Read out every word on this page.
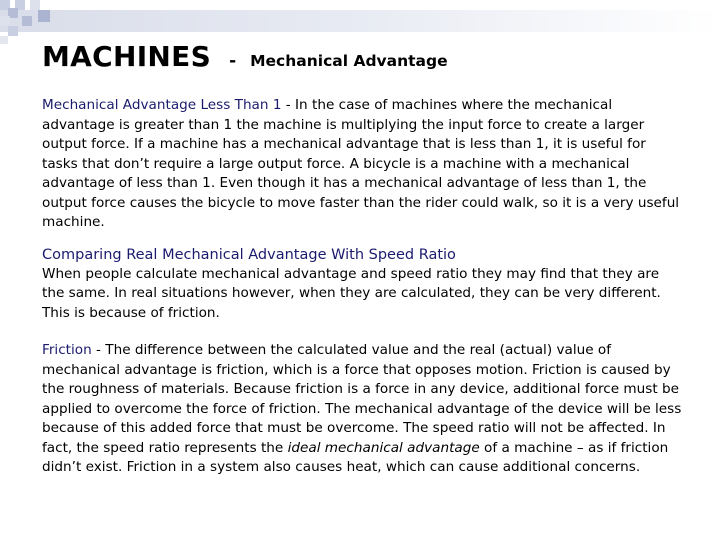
MACHINES - Mechanical Advantage

Mechanical Advantage Less Than 1 - In the case of machines where the mechanical advantage is greater than 1 the machine is multiplying the input force to create a larger output force. If a machine has a mechanical advantage that is less than 1, it is useful for tasks that don’t require a large output force. A bicycle is a machine with a mechanical advantage of less than 1. Even though it has a mechanical advantage of less than 1, the output force causes the bicycle to move faster than the rider could walk, so it is a very useful machine.

Comparing Real Mechanical Advantage With Speed Ratio

When people calculate mechanical advantage and speed ratio they may find that they are the same. In real situations however, when they are calculated, they can be very different. This is because of friction.

Friction - The difference between the calculated value and the real (actual) value of mechanical advantage is friction, which is a force that opposes motion. Friction is caused by the roughness of materials. Because friction is a force in any device, additional force must be applied to overcome the force of friction. The mechanical advantage of the device will be less because of this added force that must be overcome. The speed ratio will not be affected. In fact, the speed ratio represents the ideal mechanical advantage of a machine – as if friction didn’t exist. Friction in a system also causes heat, which can cause additional concerns.
